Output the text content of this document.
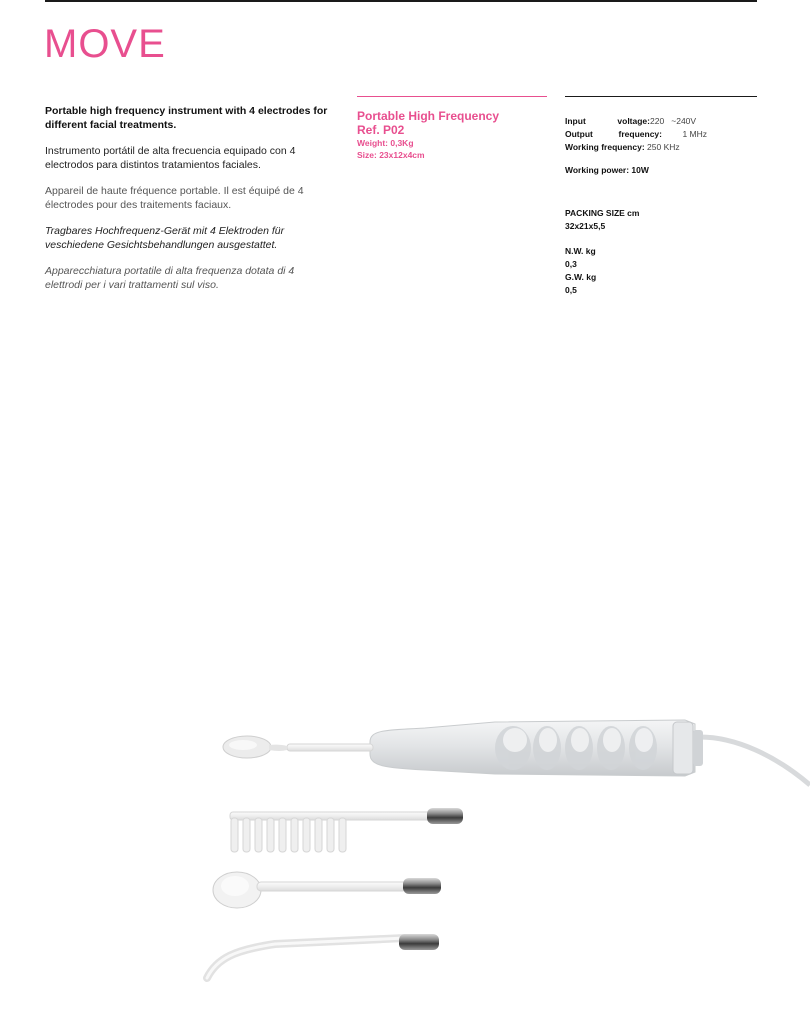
MOVE

Portable high frequency instrument with 4 electrodes for different facial treatments.

Instrumento portátil de alta frecuencia equipado con 4 electrodos para distintos tratamientos faciales.

Appareil de haute fréquence portable. Il est équipé de 4 électrodes pour des traitements faciaux.

Tragbares Hochfrequenz-Gerät mit 4 Elektroden für veschiedene Gesichtsbehandlungen ausgestattet.

Apparecchiatura portatile di alta frequenza dotata di 4 elettrodi per i vari trattamenti sul viso.

Portable High Frequency
Ref. P02
Weight: 0,3Kg
Size: 23x12x4cm
Input	voltage: 220   ~240V
Output	frequency: 1 MHz
Working frequency: 250 KHz
Working power: 10W
PACKING SIZE cm
32x21x5,5
N.W. kg
0,3
G.W. kg
0,5
